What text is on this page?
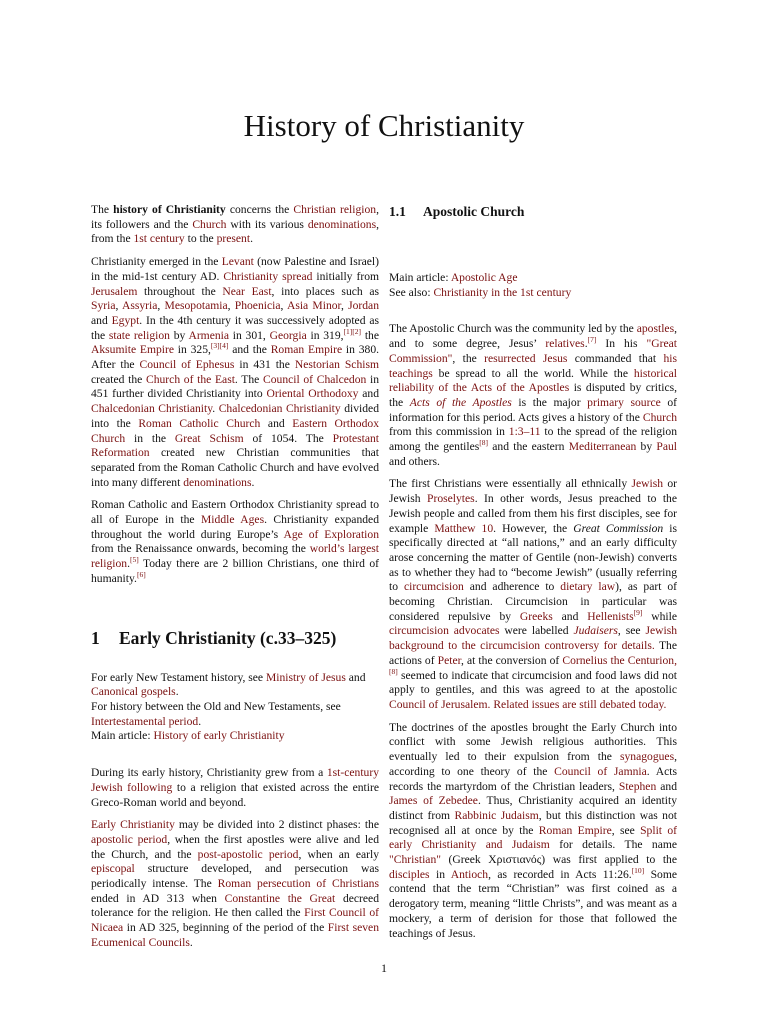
History of Christianity

The history of Christianity concerns the Christian religion, its followers and the Church with its various denominations, from the 1st century to the present.

Christianity emerged in the Levant (now Palestine and Israel) in the mid-1st century AD. Christianity spread initially from Jerusalem throughout the Near East, into places such as Syria, Assyria, Mesopotamia, Phoenicia, Asia Minor, Jordan and Egypt. In the 4th century it was successively adopted as the state religion by Armenia in 301, Georgia in 319,[1][2] the Aksumite Empire in 325,[3][4] and the Roman Empire in 380. After the Council of Ephesus in 431 the Nestorian Schism created the Church of the East. The Council of Chalcedon in 451 further divided Christianity into Oriental Orthodoxy and Chalcedonian Christianity. Chalcedonian Christianity divided into the Roman Catholic Church and Eastern Orthodox Church in the Great Schism of 1054. The Protestant Reformation created new Christian communities that separated from the Roman Catholic Church and have evolved into many different denominations.

Roman Catholic and Eastern Orthodox Christianity spread to all of Europe in the Middle Ages. Christianity expanded throughout the world during Europe’s Age of Exploration from the Renaissance onwards, becoming the world’s largest religion.[5] Today there are 2 billion Christians, one third of humanity.[6]

1 Early Christianity (c.33–325)

For early New Testament history, see Ministry of Jesus and Canonical gospels.

For history between the Old and New Testaments, see Intertestamental period.

Main article: History of early Christianity

During its early history, Christianity grew from a 1st-century Jewish following to a religion that existed across the entire Greco-Roman world and beyond.

Early Christianity may be divided into 2 distinct phases: the apostolic period, when the first apostles were alive and led the Church, and the post-apostolic period, when an early episcopal structure developed, and persecution was periodically intense. The Roman persecution of Christians ended in AD 313 when Constantine the Great decreed tolerance for the religion. He then called the First Council of Nicaea in AD 325, beginning of the period of the First seven Ecumenical Councils.

1.1 Apostolic Church

Main article: Apostolic Age

See also: Christianity in the 1st century

The Apostolic Church was the community led by the apostles, and to some degree, Jesus’ relatives.[7] In his "Great Commission", the resurrected Jesus commanded that his teachings be spread to all the world. While the historical reliability of the Acts of the Apostles is disputed by critics, the Acts of the Apostles is the major primary source of information for this period. Acts gives a history of the Church from this commission in 1:3–11 to the spread of the religion among the gentiles[8] and the eastern Mediterranean by Paul and others.

The first Christians were essentially all ethnically Jewish or Jewish Proselytes. In other words, Jesus preached to the Jewish people and called from them his first disciples, see for example Matthew 10. However, the Great Commission is specifically directed at “all nations,” and an early difficulty arose concerning the matter of Gentile (non-Jewish) converts as to whether they had to “become Jewish” (usually referring to circumcision and adherence to dietary law), as part of becoming Christian. Circumcision in particular was considered repulsive by Greeks and Hellenists[9] while circumcision advocates were labelled Judaisers, see Jewish background to the circumcision controversy for details. The actions of Peter, at the conversion of Cornelius the Centurion,[8] seemed to indicate that circumcision and food laws did not apply to gentiles, and this was agreed to at the apostolic Council of Jerusalem. Related issues are still debated today.

The doctrines of the apostles brought the Early Church into conflict with some Jewish religious authorities. This eventually led to their expulsion from the synagogues, according to one theory of the Council of Jamnia. Acts records the martyrdom of the Christian leaders, Stephen and James of Zebedee. Thus, Christianity acquired an identity distinct from Rabbinic Judaism, but this distinction was not recognised all at once by the Roman Empire, see Split of early Christianity and Judaism for details. The name "Christian" (Greek Χριστιανός) was first applied to the disciples in Antioch, as recorded in Acts 11:26.[10] Some contend that the term “Christian” was first coined as a derogatory term, meaning “little Christs”, and was meant as a mockery, a term of derision for those that followed the teachings of Jesus.

1
